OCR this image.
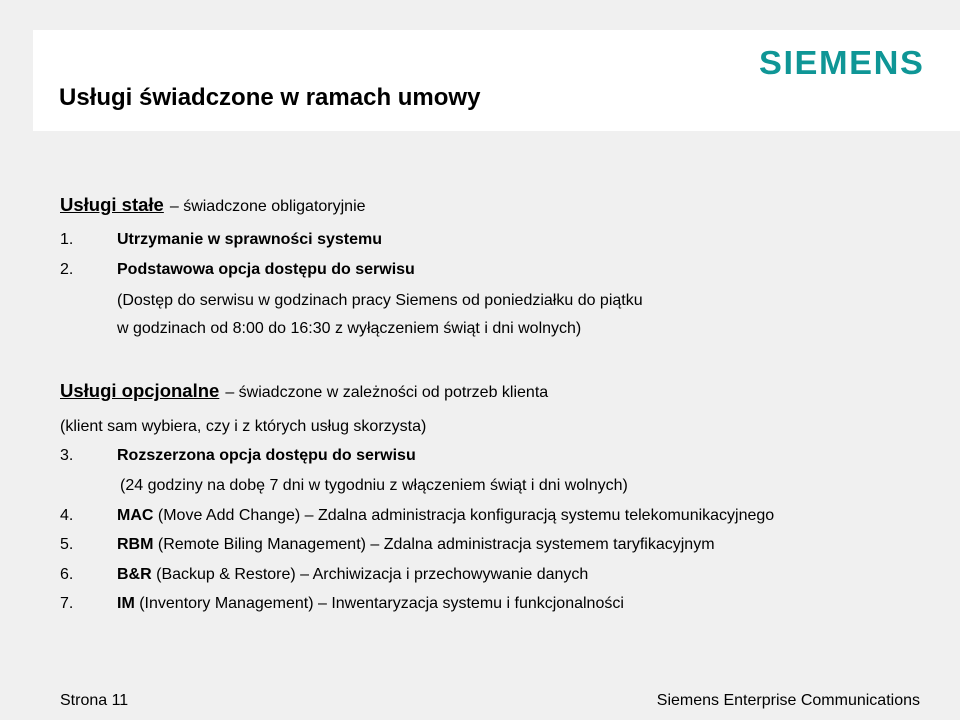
Usługi świadczone w ramach umowy
SIEMENS
Usługi stałe – świadczone obligatoryjnie
1.	Utrzymanie w sprawności systemu
2.	Podstawowa opcja dostępu do serwisu
(Dostęp do serwisu w godzinach pracy Siemens od poniedziałku do piątku
w godzinach od 8:00 do 16:30 z wyłączeniem świąt i dni wolnych)
Usługi opcjonalne – świadczone w zależności od potrzeb klienta
(klient sam wybiera, czy i z których usług skorzysta)
3.	Rozszerzona opcja dostępu do serwisu
(24 godziny na dobę 7 dni w tygodniu z włączeniem świąt i dni wolnych)
4.	MAC (Move Add Change) – Zdalna administracja konfiguracją systemu telekomunikacyjnego
5.	RBM (Remote Biling Management) – Zdalna administracja systemem taryfikacyjnym
6.	B&R (Backup & Restore) – Archiwizacja i przechowywanie danych
7.	IM (Inventory Management) – Inwentaryzacja systemu i funkcjonalności
Strona 11	Siemens Enterprise Communications
